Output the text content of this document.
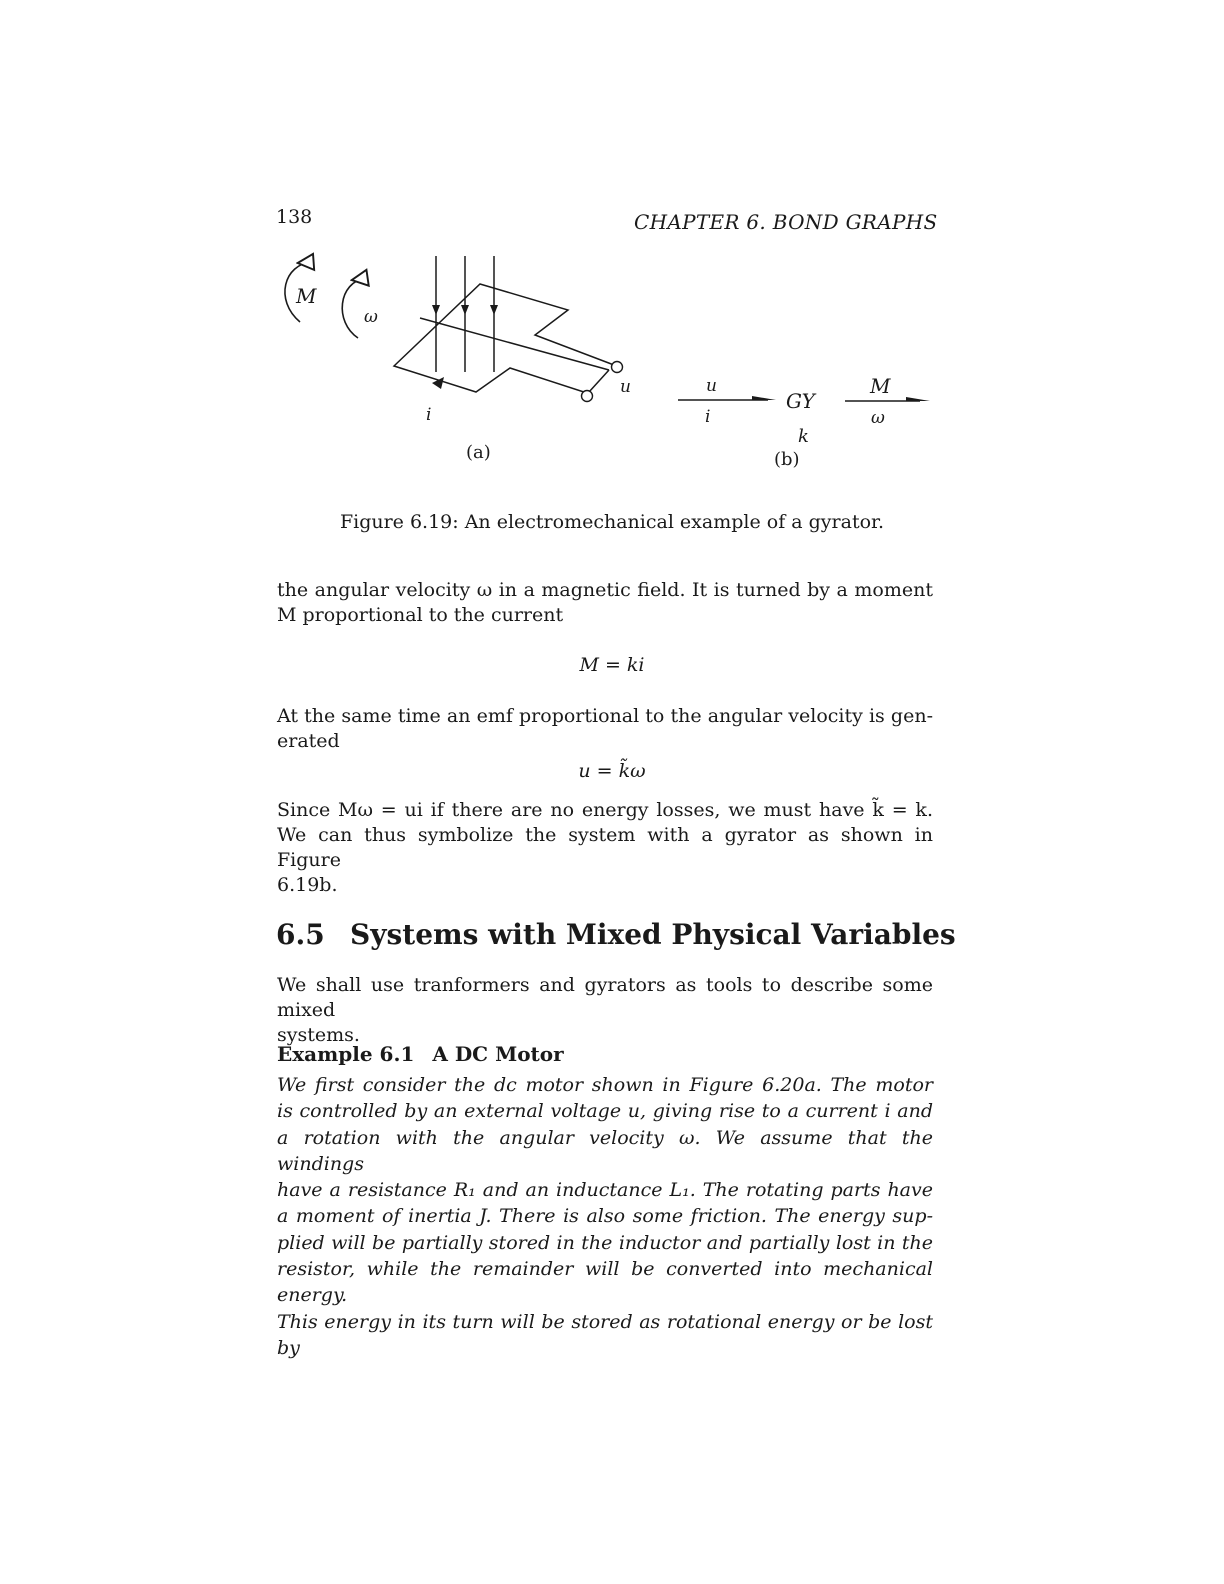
138	CHAPTER 6. BOND GRAPHS
M
ω
u
i
(a)
u
i
GY
k
(b)
M
ω
Figure 6.19: An electromechanical example of a gyrator.
the angular velocity ω in a magnetic field. It is turned by a moment
M proportional to the current
M = ki
At the same time an emf proportional to the angular velocity is gen-
erated
u = k̃ω
Since Mω = ui if there are no energy losses, we must have k̃ = k.
We can thus symbolize the system with a gyrator as shown in Figure
6.19b.
6.5 Systems with Mixed Physical Variables
We shall use tranformers and gyrators as tools to describe some mixed
systems.
Example 6.1 A DC Motor
We first consider the dc motor shown in Figure 6.20a. The motor
is controlled by an external voltage u, giving rise to a current i and
a rotation with the angular velocity ω. We assume that the windings
have a resistance R₁ and an inductance L₁. The rotating parts have
a moment of inertia J. There is also some friction. The energy sup-
plied will be partially stored in the inductor and partially lost in the
resistor, while the remainder will be converted into mechanical energy.
This energy in its turn will be stored as rotational energy or be lost by
